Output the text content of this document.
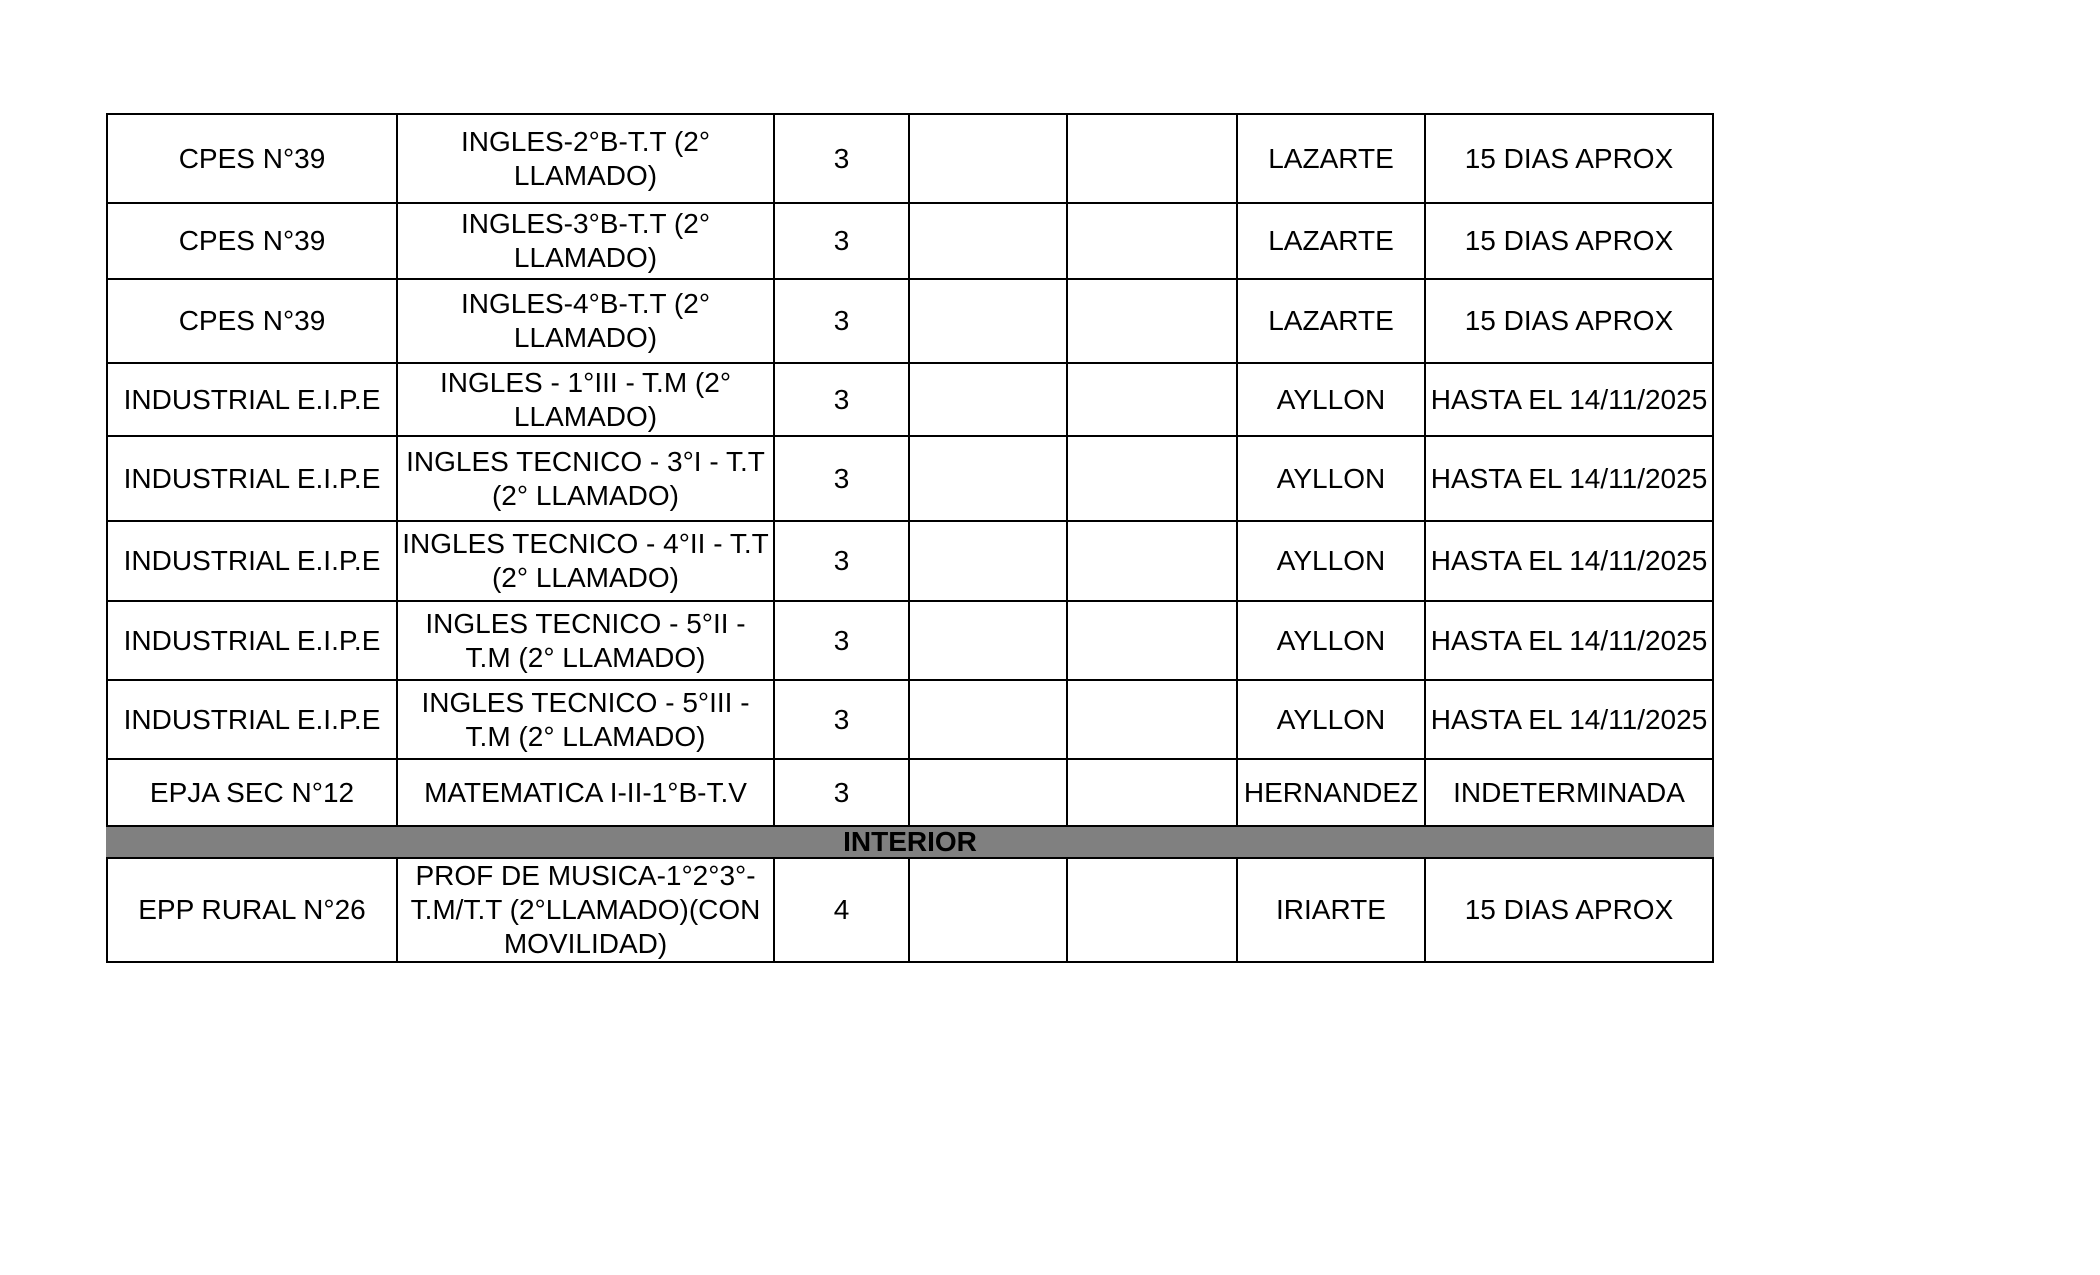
CPES N°39	INGLES-2°B-T.T (2°
LLAMADO)	3			LAZARTE	15 DIAS APROX
CPES N°39	INGLES-3°B-T.T (2°
LLAMADO)	3			LAZARTE	15 DIAS APROX
CPES N°39	INGLES-4°B-T.T (2°
LLAMADO)	3			LAZARTE	15 DIAS APROX
INDUSTRIAL E.I.P.E	INGLES - 1°III - T.M (2°
LLAMADO)	3			AYLLON	HASTA EL 14/11/2025
INDUSTRIAL E.I.P.E	INGLES TECNICO - 3°I - T.T
(2° LLAMADO)	3			AYLLON	HASTA EL 14/11/2025
INDUSTRIAL E.I.P.E	INGLES TECNICO - 4°II - T.T
(2° LLAMADO)	3			AYLLON	HASTA EL 14/11/2025
INDUSTRIAL E.I.P.E	INGLES TECNICO - 5°II -
T.M (2° LLAMADO)	3			AYLLON	HASTA EL 14/11/2025
INDUSTRIAL E.I.P.E	INGLES TECNICO - 5°III -
T.M (2° LLAMADO)	3			AYLLON	HASTA EL 14/11/2025
EPJA SEC N°12	MATEMATICA I-II-1°B-T.V	3			HERNANDEZ	INDETERMINADA
INTERIOR						
EPP RURAL N°26	PROF DE MUSICA-1°2°3°-
T.M/T.T (2°LLAMADO)(CON
MOVILIDAD)	4			IRIARTE	15 DIAS APROX
